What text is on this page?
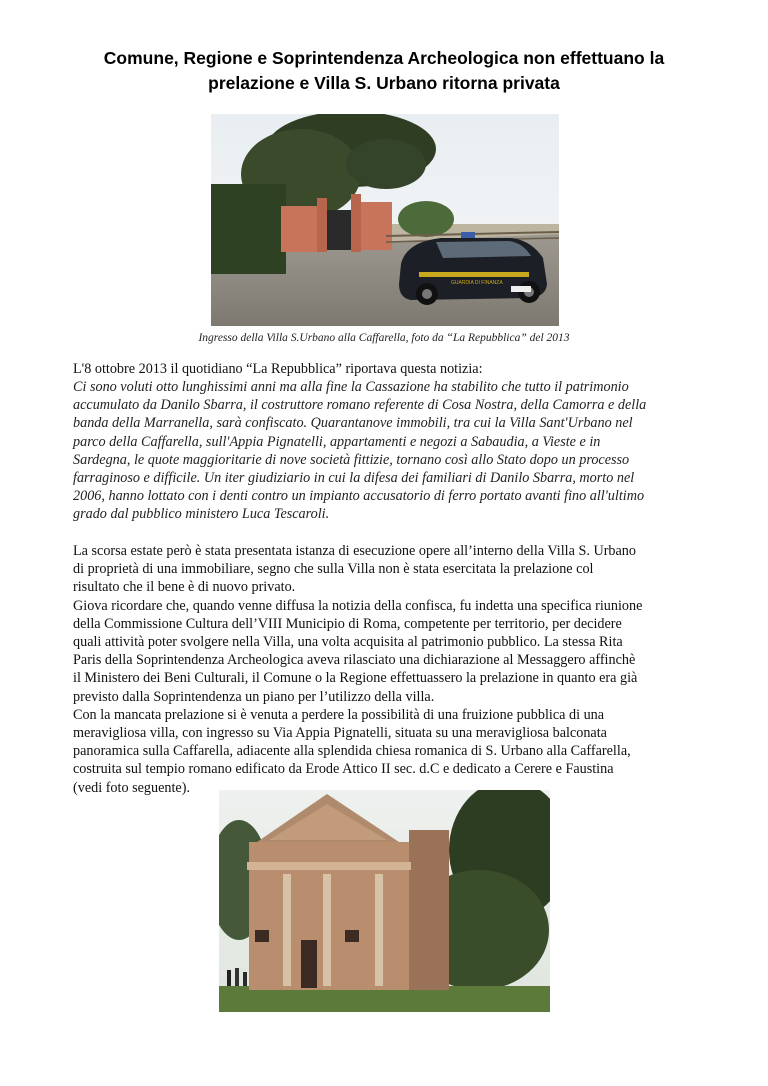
Comune, Regione e Soprintendenza Archeologica non effettuano la
prelazione e Villa S. Urbano ritorna privata
GUARDIA DI FINANZA
Ingresso della Villa S.Urbano alla Caffarella, foto da “La Repubblica” del 2013
L'8 ottobre 2013 il quotidiano “La Repubblica” riportava questa notizia:
Ci sono voluti otto lunghissimi anni ma alla fine la Cassazione ha stabilito che tutto il patrimonio
accumulato da Danilo Sbarra, il costruttore romano referente di Cosa Nostra, della Camorra e della
banda della Marranella, sarà confiscato. Quarantanove immobili, tra cui la Villa Sant'Urbano nel
parco della Caffarella, sull'Appia Pignatelli, appartamenti e negozi a Sabaudia, a Vieste e in
Sardegna, le quote maggioritarie di nove società fittizie, tornano così allo Stato dopo un processo
farraginoso e difficile. Un iter giudiziario in cui la difesa dei familiari di Danilo Sbarra, morto nel
2006, hanno lottato con i denti contro un impianto accusatorio di ferro portato avanti fino all'ultimo
grado dal pubblico ministero Luca Tescaroli.
La scorsa estate però è stata presentata istanza di esecuzione opere all’interno della Villa S. Urbano
di proprietà di una immobiliare, segno che sulla Villa non è stata esercitata la prelazione col
risultato che il bene è di nuovo privato.
Giova ricordare che, quando venne diffusa la notizia della confisca, fu indetta una specifica riunione
della Commissione Cultura dell’VIII Municipio di Roma, competente per territorio, per decidere
quali attività poter svolgere nella Villa, una volta acquisita al patrimonio pubblico. La stessa Rita
Paris della Soprintendenza Archeologica aveva rilasciato una dichiarazione al Messaggero affinchè
il Ministero dei Beni Culturali, il Comune o la Regione effettuassero la prelazione in quanto era già
previsto dalla Soprintendenza un piano per l’utilizzo della villa.
Con la mancata prelazione si è venuta a perdere la possibilità di una fruizione pubblica di una
meravigliosa villa, con ingresso su Via Appia Pignatelli, situata su una meravigliosa balconata
panoramica sulla Caffarella, adiacente alla splendida chiesa romanica di S. Urbano alla Caffarella,
costruita sul tempio romano edificato da Erode Attico II sec. d.C e dedicato a Cerere e Faustina
(vedi foto seguente).
